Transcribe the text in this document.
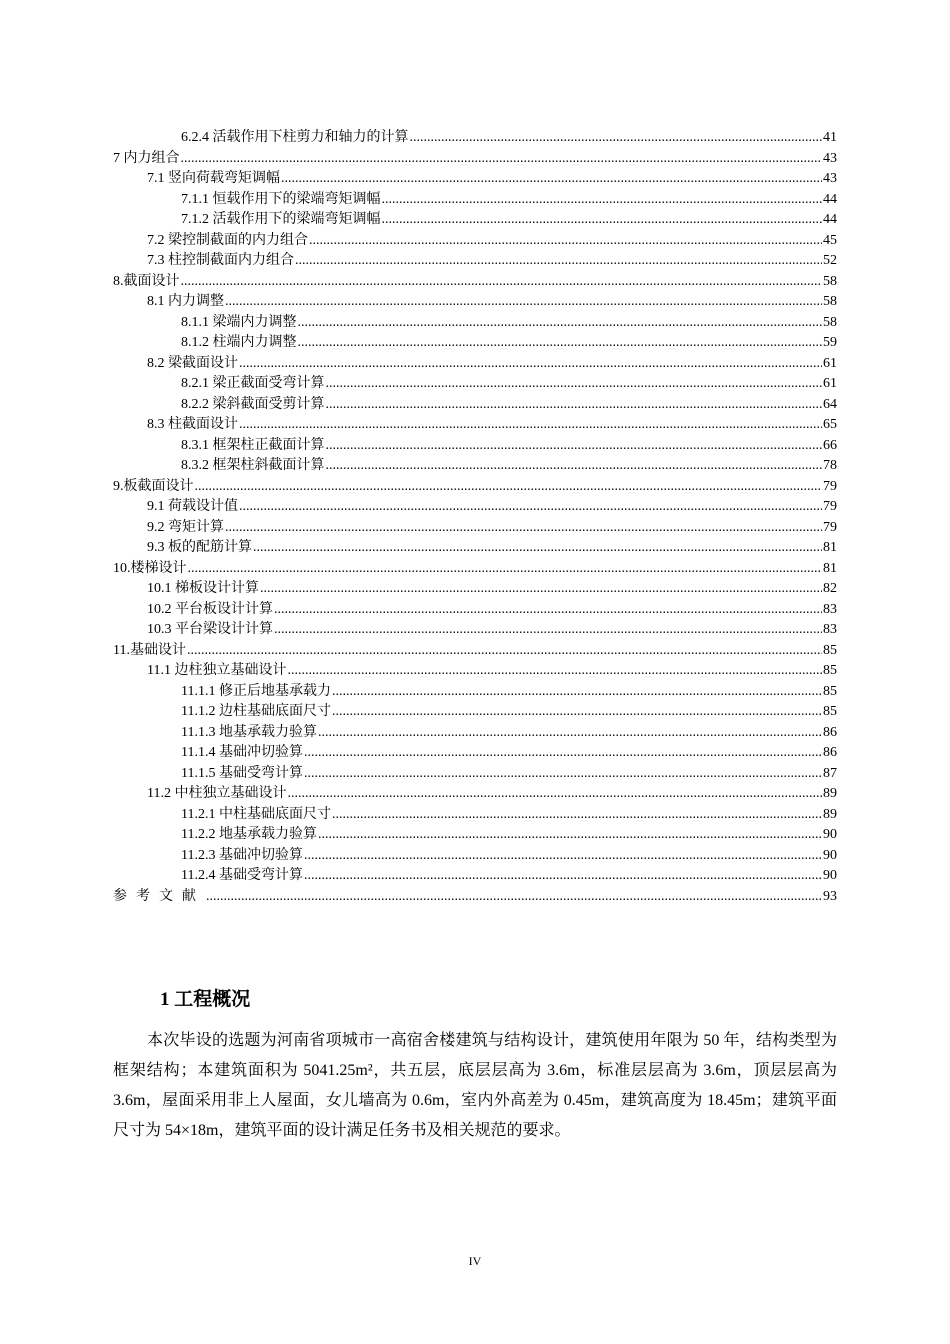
6.2.4 活载作用下柱剪力和轴力的计算 .....	41
7 内力组合 .....	43
7.1 竖向荷载弯矩调幅 .....	43
7.1.1 恒载作用下的梁端弯矩调幅 .....	44
7.1.2 活载作用下的梁端弯矩调幅 .....	44
7.2 梁控制截面的内力组合 .....	45
7.3 柱控制截面内力组合 .....	52
8.截面设计 .....	58
8.1 内力调整 .....	58
8.1.1 梁端内力调整 .....	58
8.1.2 柱端内力调整 .....	59
8.2 梁截面设计 .....	61
8.2.1 梁正截面受弯计算 .....	61
8.2.2 梁斜截面受剪计算 .....	64
8.3 柱截面设计 .....	65
8.3.1 框架柱正截面计算 .....	66
8.3.2 框架柱斜截面计算 .....	78
9.板截面设计 .....	79
9.1 荷载设计值 .....	79
9.2 弯矩计算 .....	79
9.3 板的配筋计算 .....	81
10.楼梯设计 .....	81
10.1 梯板设计计算 .....	82
10.2 平台板设计计算 .....	83
10.3 平台梁设计计算 .....	83
11.基础设计 .....	85
11.1 边柱独立基础设计 .....	85
11.1.1 修正后地基承载力 .....	85
11.1.2 边柱基础底面尺寸 .....	85
11.1.3 地基承载力验算 .....	86
11.1.4 基础冲切验算 .....	86
11.1.5 基础受弯计算 .....	87
11.2 中柱独立基础设计 .....	89
11.2.1 中柱基础底面尺寸 .....	89
11.2.2 地基承载力验算 .....	90
11.2.3 基础冲切验算 .....	90
11.2.4 基础受弯计算 .....	90
参考文献 .....	93
1 工程概况

本次毕设的选题为河南省项城市一高宿舍楼建筑与结构设计，建筑使用年限为 50 年，结构类型为框架结构；本建筑面积为 5041.25m²，共五层，底层层高为 3.6m，标准层层高为 3.6m，顶层层高为 3.6m，屋面采用非上人屋面，女儿墙高为 0.6m，室内外高差为 0.45m，建筑高度为 18.45m；建筑平面尺寸为 54×18m，建筑平面的设计满足任务书及相关规范的要求。

IV
